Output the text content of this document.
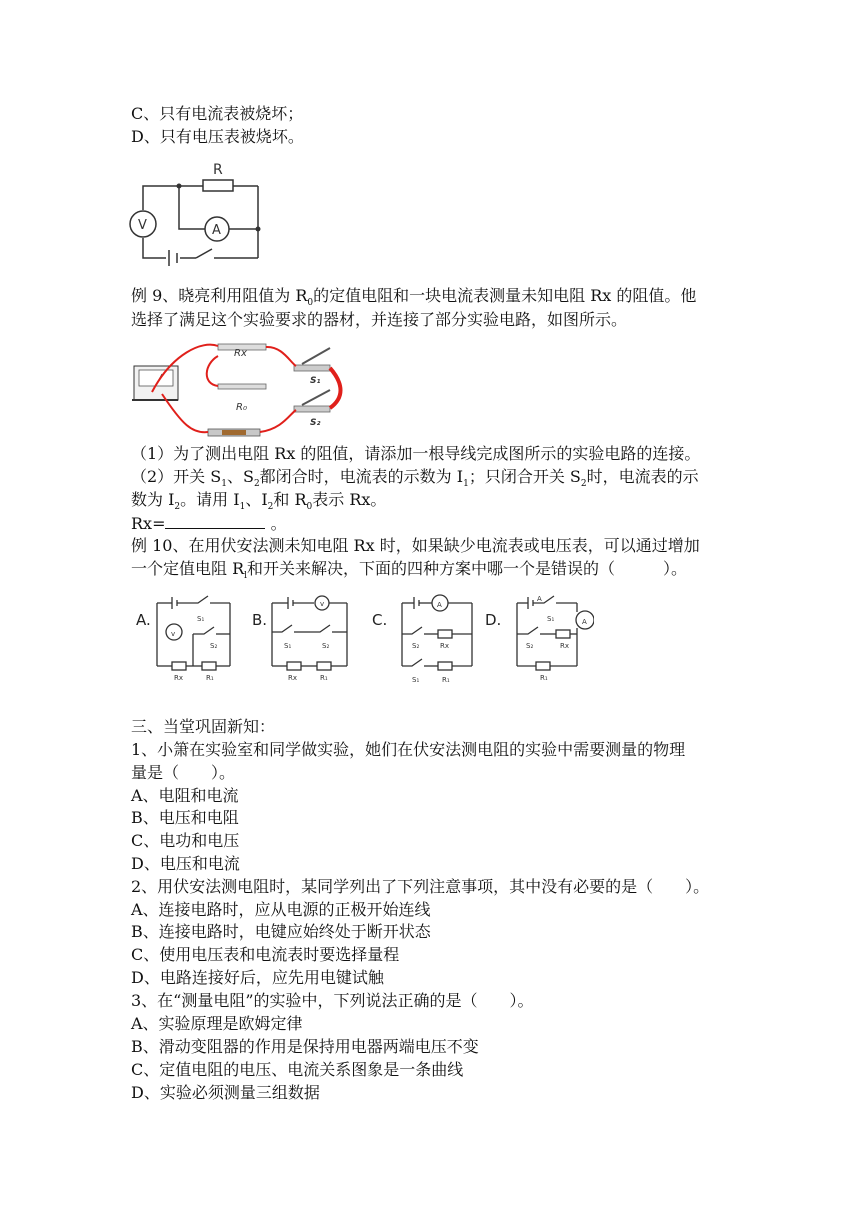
C、只有电流表被烧坏；
D、只有电压表被烧坏。
R
V	A
例 9、晓亮利用阻值为 $R_0$的定值电阻和一块电流表测量未知电阻 Rx 的阻值。他
选择了满足这个实验要求的器材，并连接了部分实验电路，如图所示。
Rx
R₀
S₁
S₂
（1）为了测出电阻 Rx 的阻值，请添加一根导线完成图所示的实验电路的连接。
（2）开关 $S_1$、$S_2$都闭合时，电流表的示数为 $I_1$；只闭合开关 $S_2$时，电流表的示
数为 $I_2$。请用 $I_1$、$I_2$和 $R_0$表示 Rx。
Rx=	。
例 10、在用伏安法测未知电阻 Rx 时，如果缺少电流表或电压表，可以通过增加
一个定值电阻 $R_l$和开关来解决，下面的四种方案中哪一个是错误的（　　　）。
A.	B.	C.	D.
v
S₁
S₂
Rx	R₁
v
S₁	S₂
Rx	R₁
A
S₂	Rx
S₁	R₁
A
A
S₁
S₂	Rx
R₁
三、当堂巩固新知：
1、小箫在实验室和同学做实验，她们在伏安法测电阻的实验中需要测量的物理
量是（　　）。
A、电阻和电流
B、电压和电阻
C、电功和电压
D、电压和电流
2、用伏安法测电阻时，某同学列出了下列注意事项，其中没有必要的是（　　）。
A、连接电路时，应从电源的正极开始连线
B、连接电路时，电键应始终处于断开状态
C、使用电压表和电流表时要选择量程
D、电路连接好后，应先用电键试触
3、在“测量电阻”的实验中，下列说法正确的是（　　）。
A、实验原理是欧姆定律
B、滑动变阻器的作用是保持用电器两端电压不变
C、定值电阻的电压、电流关系图象是一条曲线
D、实验必须测量三组数据
